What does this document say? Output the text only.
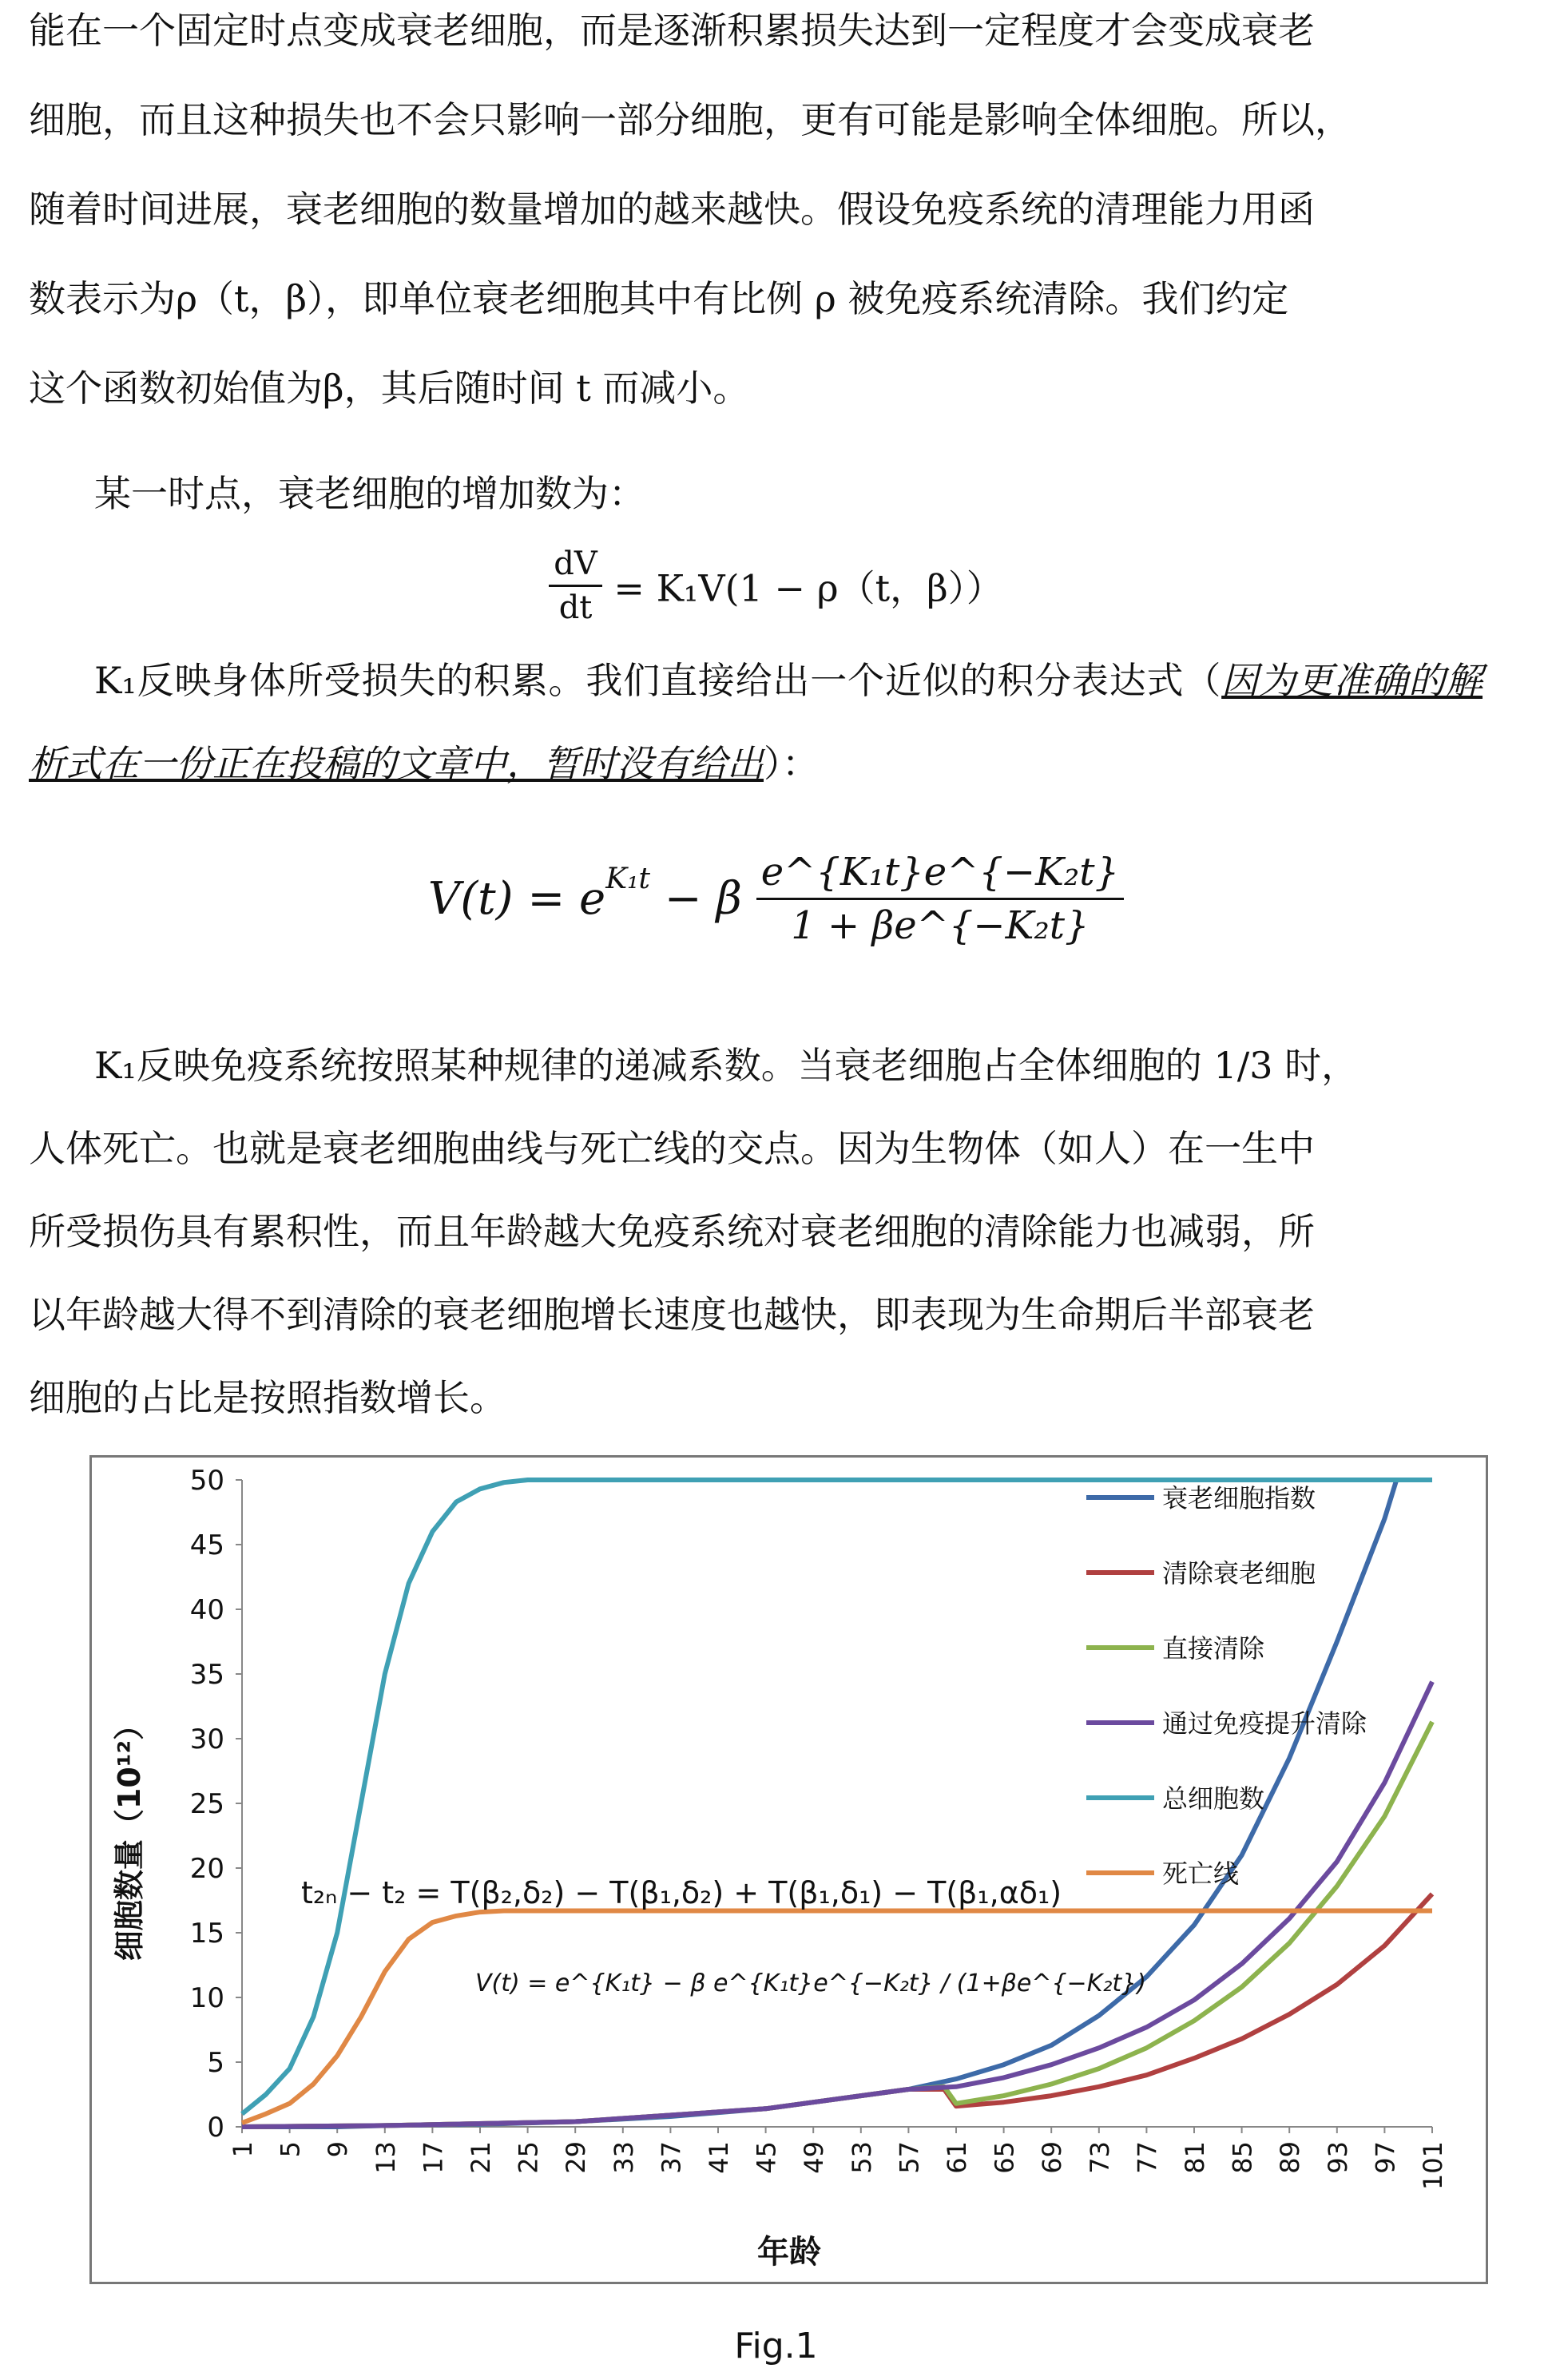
能在一个固定时点变成衰老细胞，而是逐渐积累损失达到一定程度才会变成衰老

细胞，而且这种损失也不会只影响一部分细胞，更有可能是影响全体细胞。所以，

随着时间进展，衰老细胞的数量增加的越来越快。假设免疫系统的清理能力用函

数表示为ρ（t，β），即单位衰老细胞其中有比例 ρ 被免疫系统清除。我们约定

这个函数初始值为β，其后随时间 t 而减小。

某一时点，衰老细胞的增加数为：

$\frac{dV}{dt} = K_1V(1 - \rho(t$，β））

K₁反映身体所受损失的积累。我们直接给出一个近似的积分表达式（因为更准确的解析式在一份正在投稿的文章中，暂时没有给出）：

$V(t) = e^{K_1t} - \beta \frac{\text{e\textasciicircum{}\{K₁t\}e\textasciicircum{}\{−K₂t\}}}{\text{1 + βe\textasciicircum{}\{−K₂t\}}}$

K₁反映免疫系统按照某种规律的递减系数。当衰老细胞占全体细胞的 1/3 时，

人体死亡。也就是衰老细胞曲线与死亡线的交点。因为生物体（如人）在一生中

所受损伤具有累积性，而且年龄越大免疫系统对衰老细胞的清除能力也减弱，所

以年龄越大得不到清除的衰老细胞增长速度也越快，即表现为生命期后半部衰老

细胞的占比是按照指数增长。

0
5
10
15
20
25
30
35
40
45
50
1 5 9 13 17 21 25 29 33 37 41 45 49 53 57 61 65 69 73 77 81 85 89 93 97 101
年龄
细胞数量（10¹²）
衰老细胞指数
清除衰老细胞
直接清除
通过免疫提升清除
总细胞数
死亡线
t₂ₙ − t₂ = T(β₂,δ₂) − T(β₁,δ₂) + T(β₁,δ₁) − T(β₁,αδ₁)
V(t) = e^{K₁t} − β e^{K₁t}e^{−K₂t} / (1+βe^{−K₂t})
Fig.1
